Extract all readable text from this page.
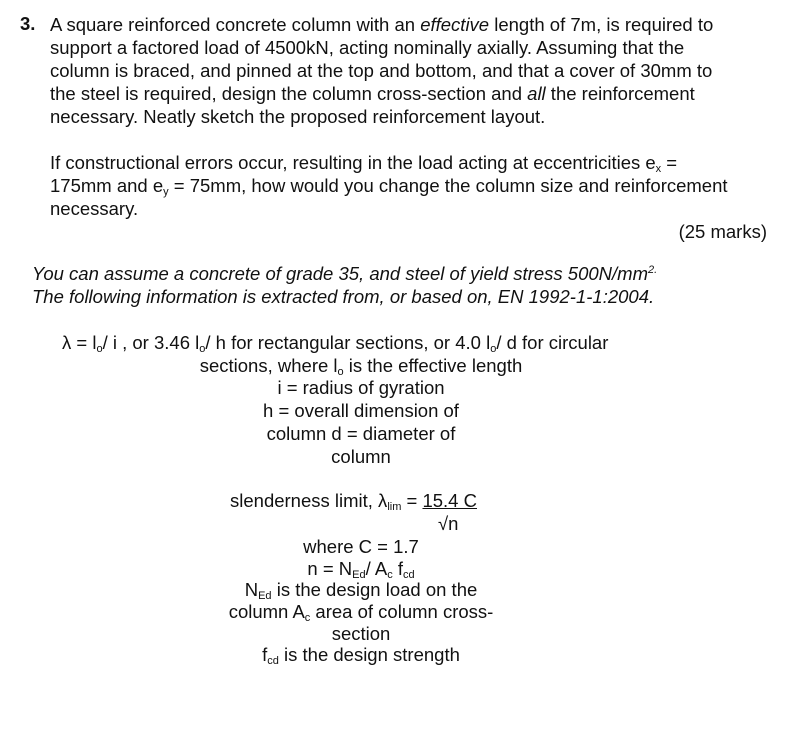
3. A square reinforced concrete column with an effective length of 7m, is required to
support a factored load of 4500kN, acting nominally axially. Assuming that the
column is braced, and pinned at the top and bottom, and that a cover of 30mm to
the steel is required, design the column cross-section and all the reinforcement
necessary. Neatly sketch the proposed reinforcement layout.
If constructional errors occur, resulting in the load acting at eccentricities $e_x$ =
175mm and $e_y = 75mm$, how would you change the column size and reinforcement
necessary.
(25 marks)
You can assume a concrete of grade 35, and steel of yield stress $500N/mm^{2.}$
The following information is extracted from, or based on, EN 1992-1-1:2004.
$\lambda = l_o/$ i , or 3.46 $l_o/$ h for rectangular sections, or 4.0 $l_o/$ d for circular
sections, where $l_o$ is the effective length
i = radius of gyration
h = overall dimension of
column d = diameter of
column
slenderness limit, $\lambda_{lim} = 15.4$ C
√n
where C = 1.7
$n = N_{Ed}/$ $A_c$ $f_{cd}$
$N_{Ed}$ is the design load on the
column $A_c$ area of column cross-
section
$f_{cd}$ is the design strength
